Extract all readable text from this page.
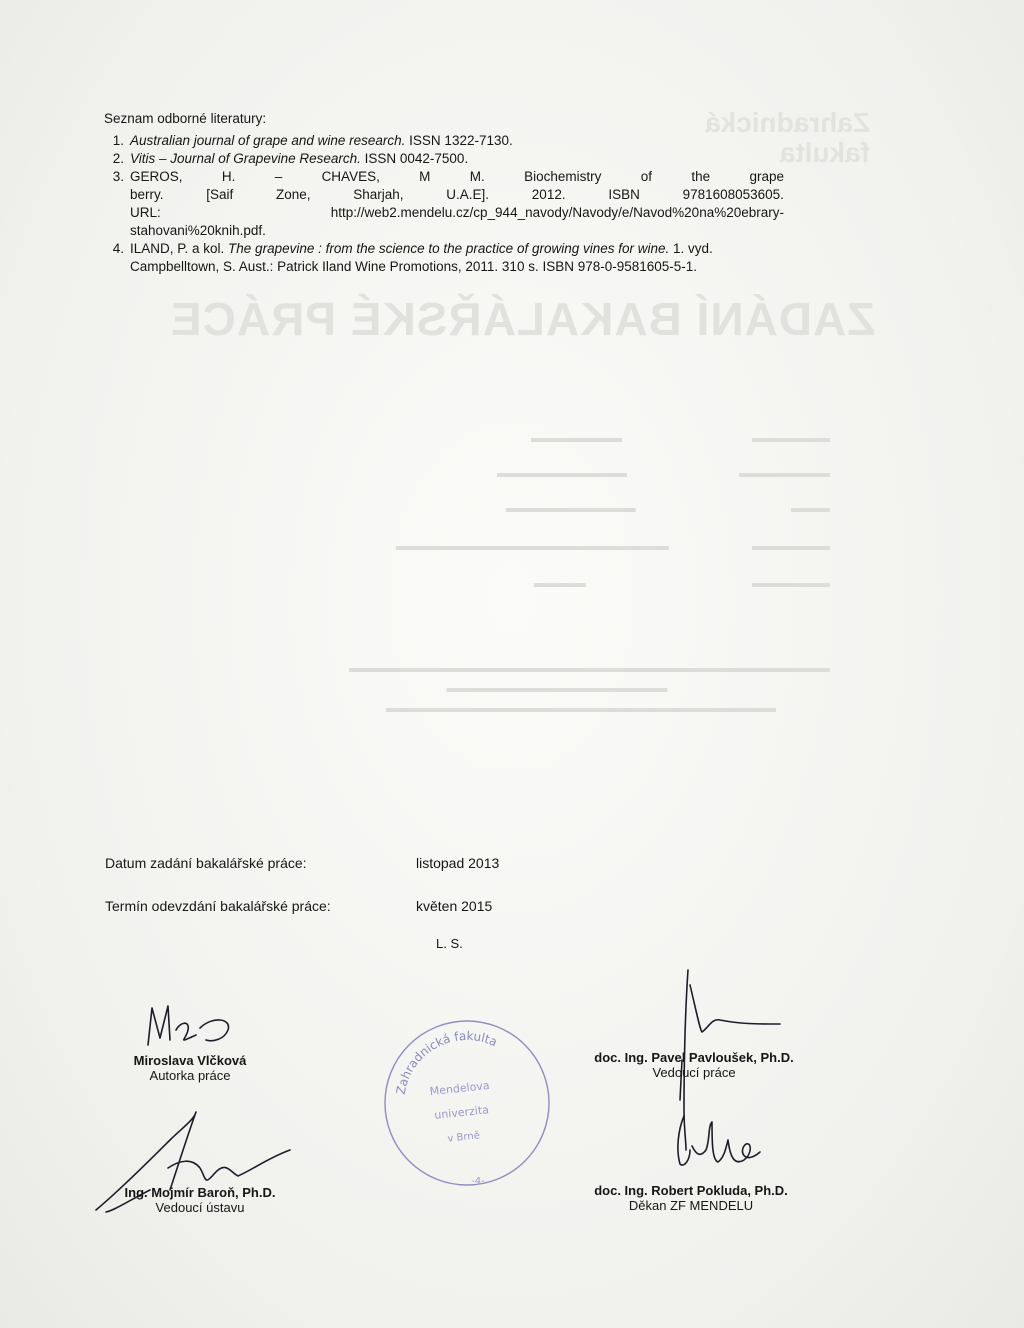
Zahradnická fakulta
ZADÁNÍ BAKALÁŘSKÉ PRÁCE
▬▬▬▬▬▬                                    ▬▬▬▬▬▬▬
▬▬▬▬▬▬▬                               ▬▬▬▬▬▬▬▬▬▬
▬▬▬                                           ▬▬▬▬▬▬▬▬▬▬
▬▬▬▬▬▬                       ▬▬▬▬▬▬▬▬▬▬▬▬▬▬▬▬▬▬▬▬▬
▬▬▬▬▬▬                                              ▬▬▬▬
▬▬▬▬▬▬▬▬▬▬▬▬▬▬▬▬▬▬▬▬▬▬▬▬▬▬▬▬▬▬▬▬▬▬▬▬▬
▬▬▬▬▬▬▬▬▬▬▬▬▬▬▬▬▬
▬▬▬▬▬▬▬▬▬▬▬▬▬▬▬▬▬▬▬▬▬▬▬▬▬▬▬▬▬▬
Seznam odborné literatury:
1. Australian journal of grape and wine research. ISSN 1322-7130.
2. Vitis – Journal of Grapevine Research. ISSN 0042-7500.
3. GEROS,	H.	–	CHAVES,	M	M.	Biochemistry	of	the	grape
berry.	[Saif	Zone,	Sharjah,	U.A.E].	2012.	ISBN	9781608053605.
URL:	http://web2.mendelu.cz/cp_944_navody/Navody/e/Navod%20na%20ebrary-
stahovani%20knih.pdf.
4. ILAND, P. a kol. The grapevine : from the science to the practice of growing vines for wine. 1. vyd. Campbelltown, S. Aust.: Patrick Iland Wine Promotions, 2011. 310 s. ISBN 978-0-9581605-5-1.
Datum zadání bakalářské práce:	listopad 2013
Termín odevzdání bakalářské práce:	květen 2015
L. S.
Miroslava Vlčková
Autorka práce
doc. Ing. Pavel Pavloušek, Ph.D.
Vedoucí práce
Ing. Mojmír Baroň, Ph.D.
Vedoucí ústavu
doc. Ing. Robert Pokluda, Ph.D.
Děkan ZF MENDELU
Zahradnická fakulta
Mendelova
univerzita
v Brně
-4-
